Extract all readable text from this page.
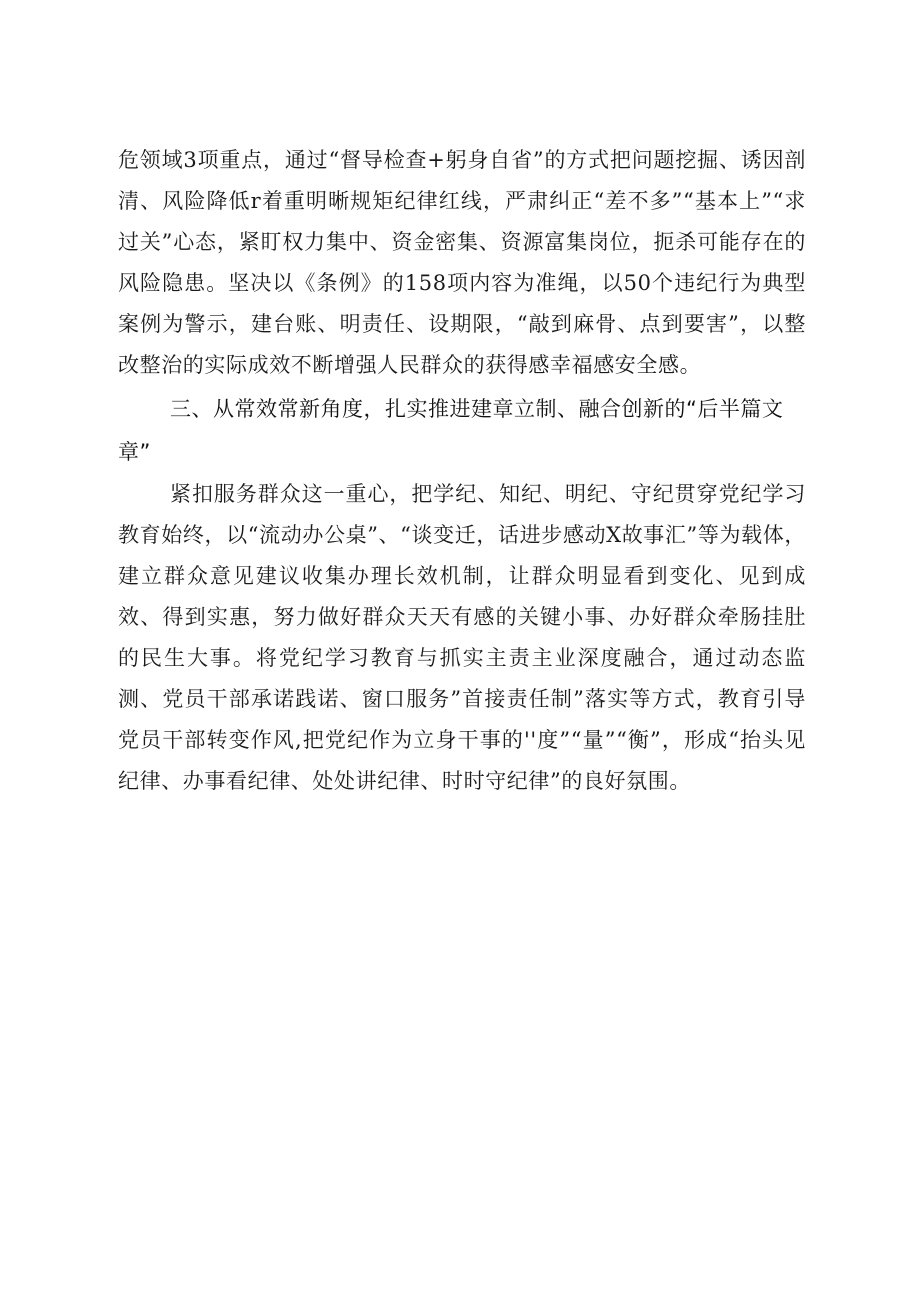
危领域3项重点，通过“督导检查+躬身自省”的方式把问题挖掘、诱因剖清、风险降低r着重明晰规矩纪律红线，严肃纠正“差不多”“基本上”“求过关”心态，紧盯权力集中、资金密集、资源富集岗位，扼杀可能存在的风险隐患。坚决以《条例》的158项内容为准绳，以50个违纪行为典型案例为警示，建台账、明责任、设期限，“敲到麻骨、点到要害”，以整改整治的实际成效不断增强人民群众的获得感幸福感安全感。

三、从常效常新角度，扎实推进建章立制、融合创新的“后半篇文章”

紧扣服务群众这一重心，把学纪、知纪、明纪、守纪贯穿党纪学习教育始终，以“流动办公桌”、“谈变迁，话进步感动X故事汇”等为载体，建立群众意见建议收集办理长效机制，让群众明显看到变化、见到成效、得到实惠，努力做好群众天天有感的关键小事、办好群众牵肠挂肚的民生大事。将党纪学习教育与抓实主责主业深度融合，通过动态监测、党员干部承诺践诺、窗口服务”首接责任制”落实等方式，教育引导党员干部转变作风,把党纪作为立身干事的''度”“量”“衡”，形成“抬头见纪律、办事看纪律、处处讲纪律、时时守纪律”的良好氛围。
